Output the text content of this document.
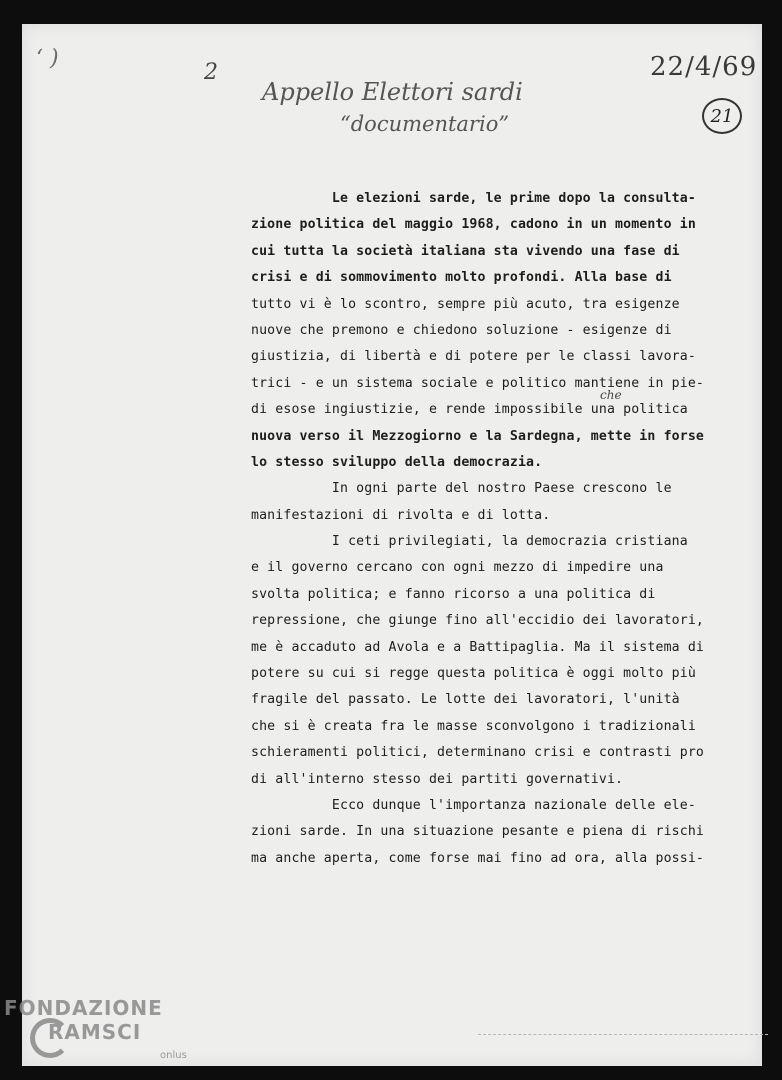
‘ )
2	22/4/69
Appello Elettori sardi
“documentario”	21
che
Le elezioni sarde, le prime dopo la consulta-
zione politica del maggio 1968, cadono in un momento in
cui tutta la società italiana sta vivendo una fase di
crisi e di sommovimento molto profondi. Alla base di
tutto vi è lo scontro, sempre più acuto, tra esigenze
nuove che premono e chiedono soluzione - esigenze di
giustizia, di libertà e di potere per le classi lavora-
trici - e un sistema sociale e politico mantiene in pie-
di esose ingiustizie, e rende impossibile una politica
nuova verso il Mezzogiorno e la Sardegna, mette in forse
lo stesso sviluppo della democrazia.
In ogni parte del nostro Paese crescono le
manifestazioni di rivolta e di lotta.
I ceti privilegiati, la democrazia cristiana
e il governo cercano con ogni mezzo di impedire una
svolta politica; e fanno ricorso a una politica di
repressione, che giunge fino all'eccidio dei lavoratori,
me è accaduto ad Avola e a Battipaglia. Ma il sistema di
potere su cui si regge questa politica è oggi molto più
fragile del passato. Le lotte dei lavoratori, l'unità
che si è creata fra le masse sconvolgono i tradizionali
schieramenti politici, determinano crisi e contrasti pro
di all'interno stesso dei partiti governativi.
Ecco dunque l'importanza nazionale delle ele-
zioni sarde. In una situazione pesante e piena di rischi
ma anche aperta, come forse mai fino ad ora, alla possi-
FONDAZIONE
RAMSCI
onlus
